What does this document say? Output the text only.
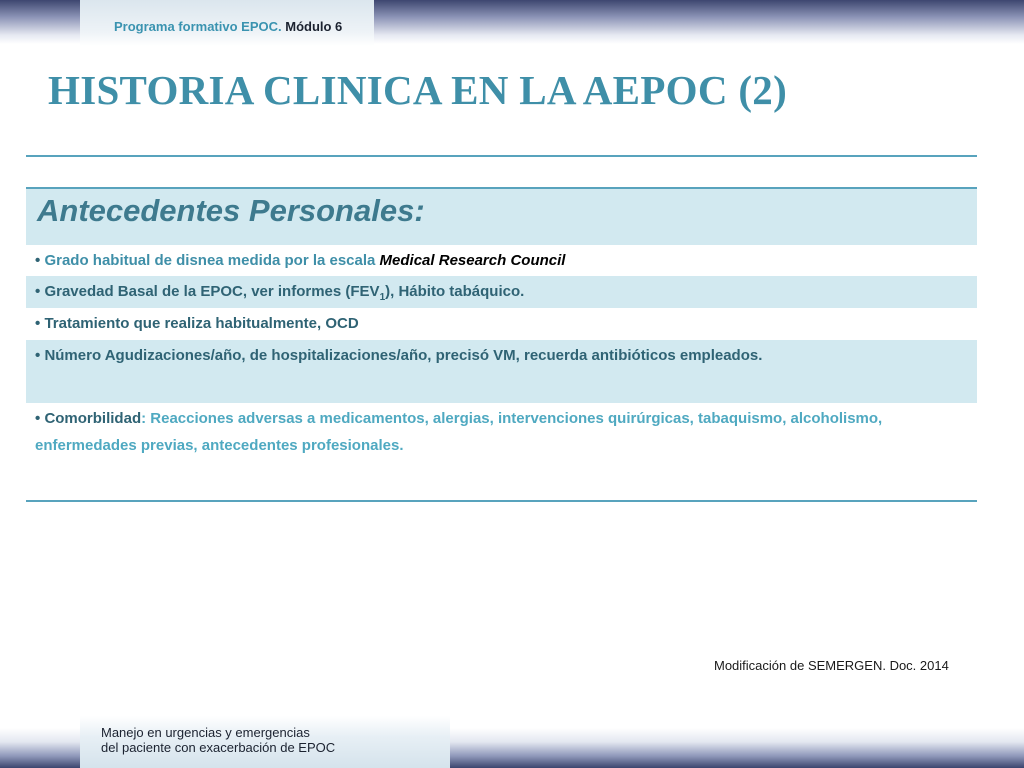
Programa formativo EPOC. Módulo 6
HISTORIA CLINICA EN LA AEPOC (2)
Antecedentes Personales:
• Grado habitual de disnea medida por la escala Medical Research Council
• Gravedad Basal de la EPOC, ver informes $(FEV_1)$, Hábito tabáquico.
• Tratamiento que realiza habitualmente, OCD
• Número Agudizaciones/año, de hospitalizaciones/año, precisó VM, recuerda antibióticos empleados.
• Comorbilidad: Reacciones adversas a medicamentos, alergias, intervenciones quirúrgicas, tabaquismo, alcoholismo, enfermedades previas, antecedentes profesionales.
Modificación de SEMERGEN. Doc. 2014
Manejo en urgencias y emergencias
del paciente con exacerbación de EPOC
